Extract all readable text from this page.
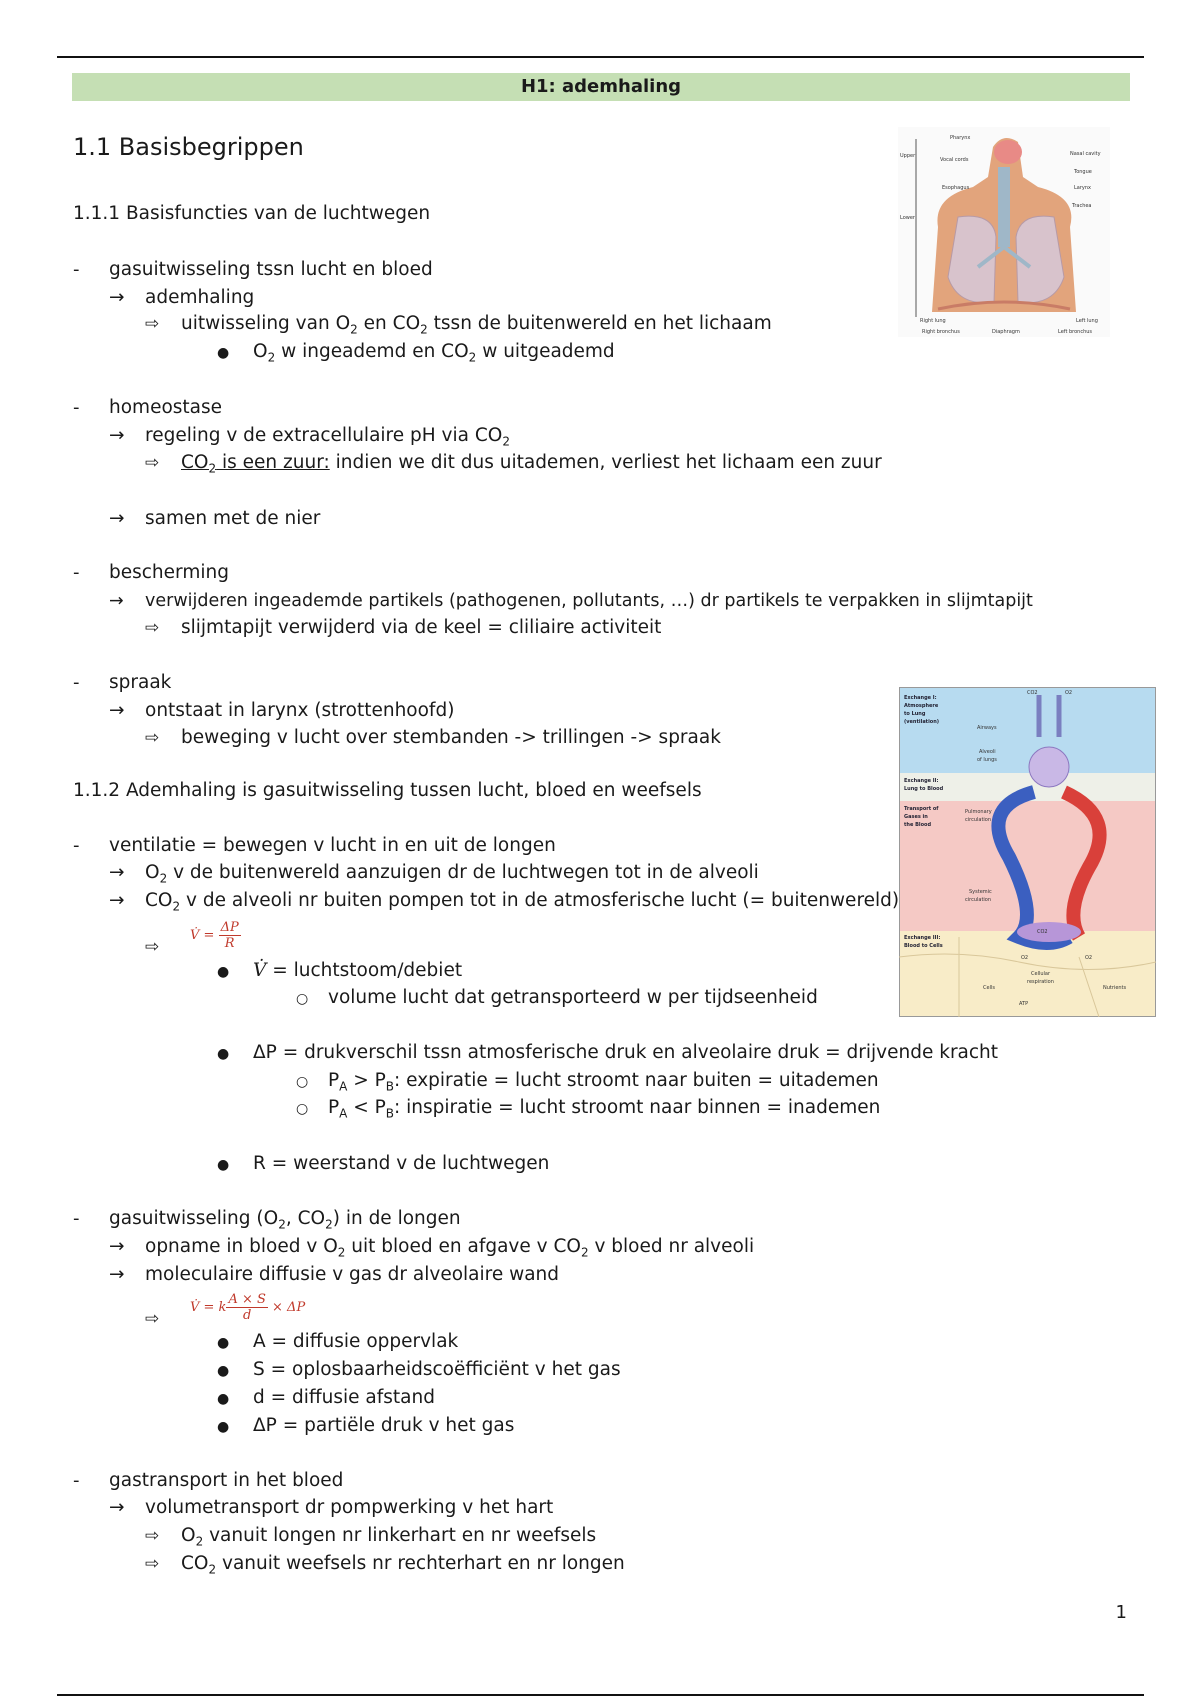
H1: ademhaling
1.1 Basisbegrippen
1.1.1 Basisfuncties van de luchtwegen
- gasuitwisseling tssn lucht en bloed
→ ademhaling
⇨ uitwisseling van $O_2$ en $CO_2$ tssn de buitenwereld en het lichaam
● $O_2$ w ingeademd en $CO_2$ w uitgeademd
- homeostase
→ regeling v de extracellulaire pH via $CO_2$
⇨ $CO_2$ is een zuur: indien we dit dus uitademen, verliest het lichaam een zuur
→ samen met de nier
- bescherming
→ verwijderen ingeademde partikels (pathogenen, pollutants, …) dr partikels te verpakken in slijmtapijt
⇨ slijmtapijt verwijderd via de keel = cliliaire activiteit
- spraak
→ ontstaat in larynx (strottenhoofd)
⇨ beweging v lucht over stembanden -> trillingen -> spraak
1.1.2 Ademhaling is gasuitwisseling tussen lucht, bloed en weefsels
- ventilatie = bewegen v lucht in en uit de longen
→ $O_2$ v de buitenwereld aanzuigen dr de luchtwegen tot in de alveoli
→ $CO_2$ v de alveoli nr buiten pompen tot in de atmosferische lucht (= buitenwereld)
⇨
V̇ = $\frac{\Delta P}{R}$
● V̇ = luchtstoom/debiet
○ volume lucht dat getransporteerd w per tijdseenheid
● ΔP = drukverschil tssn atmosferische druk en alveolaire druk = drijvende kracht
○ $P_A > P_B$: expiratie = lucht stroomt naar buiten = uitademen
○ $P_A < P_B$: inspiratie = lucht stroomt naar binnen = inademen
● R = weerstand v de luchtwegen
- gasuitwisseling ($O_2$, $CO_2$) in de longen
→ opname in bloed v $O_2$ uit bloed en afgave v $CO_2$ v bloed nr alveoli
→ moleculaire diffusie v gas dr alveolaire wand
⇨
V̇ = k $\frac{A \times S}{d} \times \Delta P$
● A = diffusie oppervlak
● S = oplosbaarheidscoëfficiënt v het gas
● d = diffusie afstand
● ΔP = partiële druk v het gas
- gastransport in het bloed
→ volumetransport dr pompwerking v het hart
⇨ $O_2$ vanuit longen nr linkerhart en nr weefsels
⇨ $CO_2$ vanuit weefsels nr rechterhart en nr longen
Pharynx Vocal cords Esophagus Nasal cavity Tongue Larynx Trachea Upper Lower Right lung	Left lung Right bronchus	Diaphragm	Left bronchus
Exchange I: Atmosphere to Lung (ventilation) Exchange II: Lung to Blood Transport of Gases in the Blood Exchange III: Blood to Cells
Airways Alveoli of lungs Pulmonary circulation Systemic circulation Cells Cellular respiration Nutrients ATP CO2	O2 CO2 O2	O2
1
